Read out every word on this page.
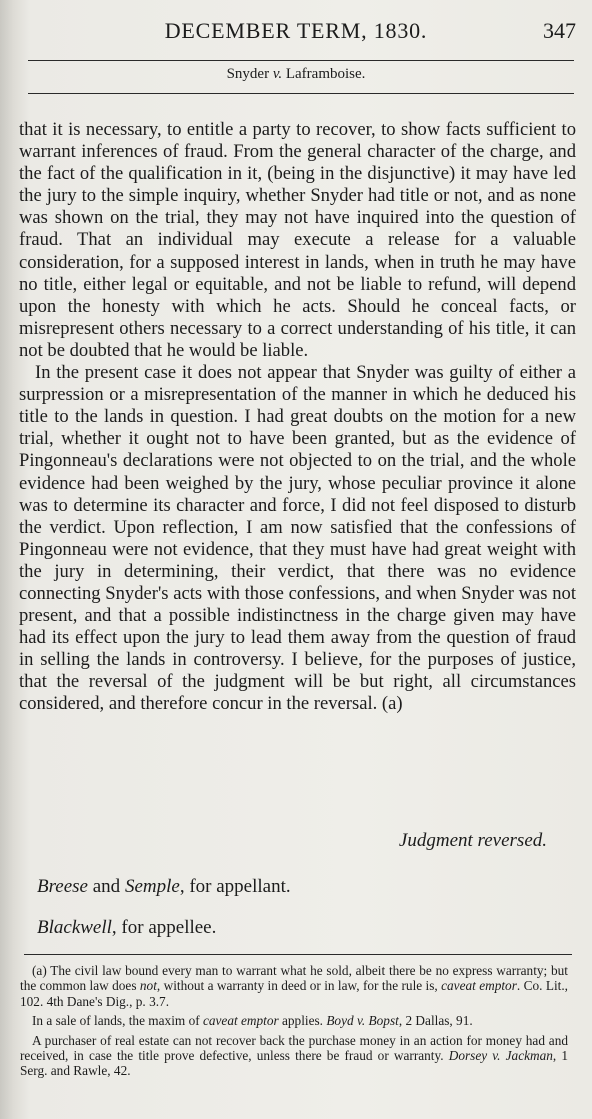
DECEMBER TERM, 1830.	347
Snyder v. Laframboise.

that it is necessary, to entitle a party to recover, to show facts sufficient to warrant inferences of fraud. From the general character of the charge, and the fact of the qualification in it, (being in the disjunctive) it may have led the jury to the simple inquiry, whether Snyder had title or not, and as none was shown on the trial, they may not have inquired into the question of fraud. That an individual may execute a release for a valuable consideration, for a supposed interest in lands, when in truth he may have no title, either legal or equitable, and not be liable to refund, will depend upon the honesty with which he acts. Should he conceal facts, or misrepresent others necessary to a correct understanding of his title, it can not be doubted that he would be liable.

In the present case it does not appear that Snyder was guilty of either a surpression or a misrepresentation of the manner in which he deduced his title to the lands in question. I had great doubts on the motion for a new trial, whether it ought not to have been granted, but as the evidence of Pingonneau's declarations were not objected to on the trial, and the whole evidence had been weighed by the jury, whose peculiar province it alone was to determine its character and force, I did not feel disposed to disturb the verdict. Upon reflection, I am now satisfied that the confessions of Pingonneau were not evidence, that they must have had great weight with the jury in determining, their verdict, that there was no evidence connecting Snyder's acts with those confessions, and when Snyder was not present, and that a possible indistinctness in the charge given may have had its effect upon the jury to lead them away from the question of fraud in selling the lands in controversy. I believe, for the purposes of justice, that the reversal of the judgment will be but right, all circumstances considered, and therefore concur in the reversal. (a)

Judgment reversed.
Breese and Semple, for appellant.
Blackwell, for appellee.

(a) The civil law bound every man to warrant what he sold, albeit there be no express warranty; but the common law does not, without a warranty in deed or in law, for the rule is, caveat emptor. Co. Lit., 102. 4th Dane's Dig., p. 3.7.

In a sale of lands, the maxim of caveat emptor applies. Boyd v. Bopst, 2 Dallas, 91.

A purchaser of real estate can not recover back the purchase money in an action for money had and received, in case the title prove defective, unless there be fraud or warranty. Dorsey v. Jackman, 1 Serg. and Rawle, 42.
